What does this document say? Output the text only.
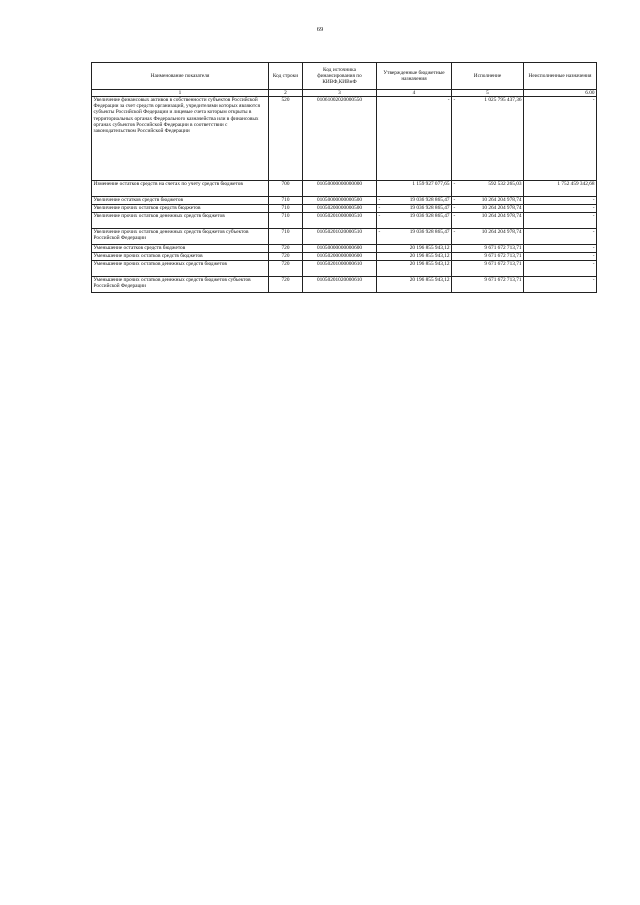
69
Наименование показателя	Код строки	Код источника финансирования по КИВФ,КИВнФ	Утвержденные бюджетные назначения	Исполнение	Неисполненные назначения
1	2	3	4	5	6.00
Увеличение финансовых активов в собственности субъектов Российской Федерации за счет средств организаций, учредителями которых являются субъекты Российской Федерации и лицевые счета которым открыты в территориальных органах Федерального казначейства или в финансовых органах субъектов Российской Федерации в соответствии с законодательством Российской Федерации	520	01061002020000550	-	- 1 025 795 437,36	-
Изменение остатков средств на счетах по учету средств бюджетов	700	01050000000000000	1 159 927 077,65	- 592 532 265,03	1 752 459 342,68
Увеличение остатков средств бюджетов	710	01050000000000500	- 19 036 928 865,47	- 10 264 204 978,74	-
Увеличение прочих остатков средств бюджетов	710	01050200000000500	- 19 036 928 865,47	- 10 264 204 978,74	-
Увеличение прочих остатков денежных средств бюджетов	710	01050201000000510	- 19 036 928 865,47	- 10 264 204 978,74	-
Увеличение прочих остатков денежных средств бюджетов субъектов Российской Федерации	710	01050201020000510	- 19 036 928 865,47	- 10 264 204 978,74	-
Уменьшение остатков средств бюджетов	720	01050000000000600	20 196 855 943,12	9 671 672 713,71	-
Уменьшение прочих остатков средств бюджетов	720	01050200000000600	20 196 855 943,12	9 671 672 713,71	-
Уменьшение прочих остатков денежных средств бюджетов	720	01050201000000610	20 196 855 943,12	9 671 672 713,71	-
Уменьшение прочих остатков денежных средств бюджетов субъектов Российской Федерации	720	01050201020000610	20 196 855 943,12	9 671 672 713,71	-
